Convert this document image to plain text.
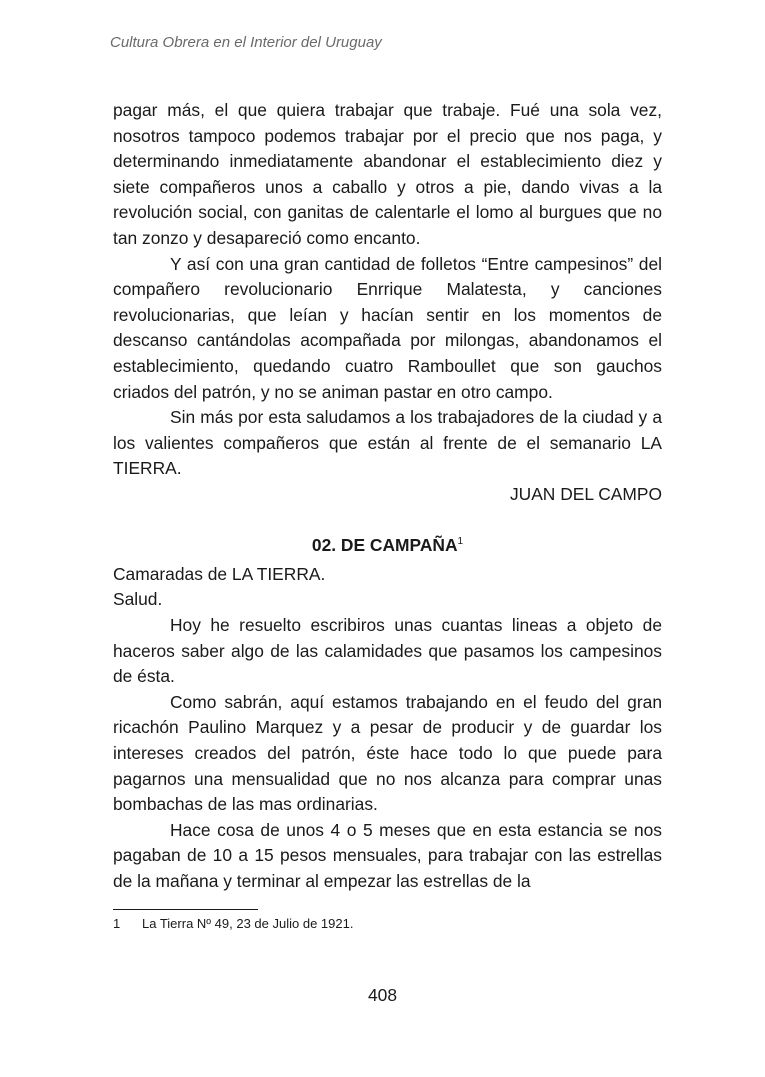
Cultura Obrera en el Interior del Uruguay

pagar más, el que quiera trabajar que trabaje. Fué una sola vez, nosotros tampoco podemos trabajar por el precio que nos paga, y determinando inmediatamente abandonar el establecimiento diez y siete compañeros unos a caballo y otros a pie, dando vivas a la revolución social, con ganitas de calentarle el lomo al burgues que no tan zonzo y desapareció como encanto.

Y así con una gran cantidad de folletos “Entre campesinos” del compañero revolucionario Enrrique Malatesta, y canciones revolucionarias, que leían y hacían sentir en los momentos de descanso cantándolas acompañada por milongas, abandonamos el establecimiento, quedando cuatro Ramboullet que son gauchos criados del patrón, y no se animan pastar en otro campo.

Sin más por esta saludamos a los trabajadores de la ciudad y a los valientes compañeros que están al frente de el semanario LA TIERRA.

JUAN DEL CAMPO

02. DE CAMPAÑA$^1$

Camaradas de LA TIERRA.

Salud.

Hoy he resuelto escribiros unas cuantas lineas a objeto de haceros saber algo de las calamidades que pasamos los campesinos de ésta.

Como sabrán, aquí estamos trabajando en el feudo del gran ricachón Paulino Marquez y a pesar de producir y de guardar los intereses creados del patrón, éste hace todo lo que puede para pagarnos una mensualidad que no nos alcanza para comprar unas bombachas de las mas ordinarias.

Hace cosa de unos 4 o 5 meses que en esta estancia se nos pagaban de 10 a 15 pesos mensuales, para trabajar con las estrellas de la mañana y terminar al empezar las estrellas de la

1 La Tierra Nº 49, 23 de Julio de 1921.
408
